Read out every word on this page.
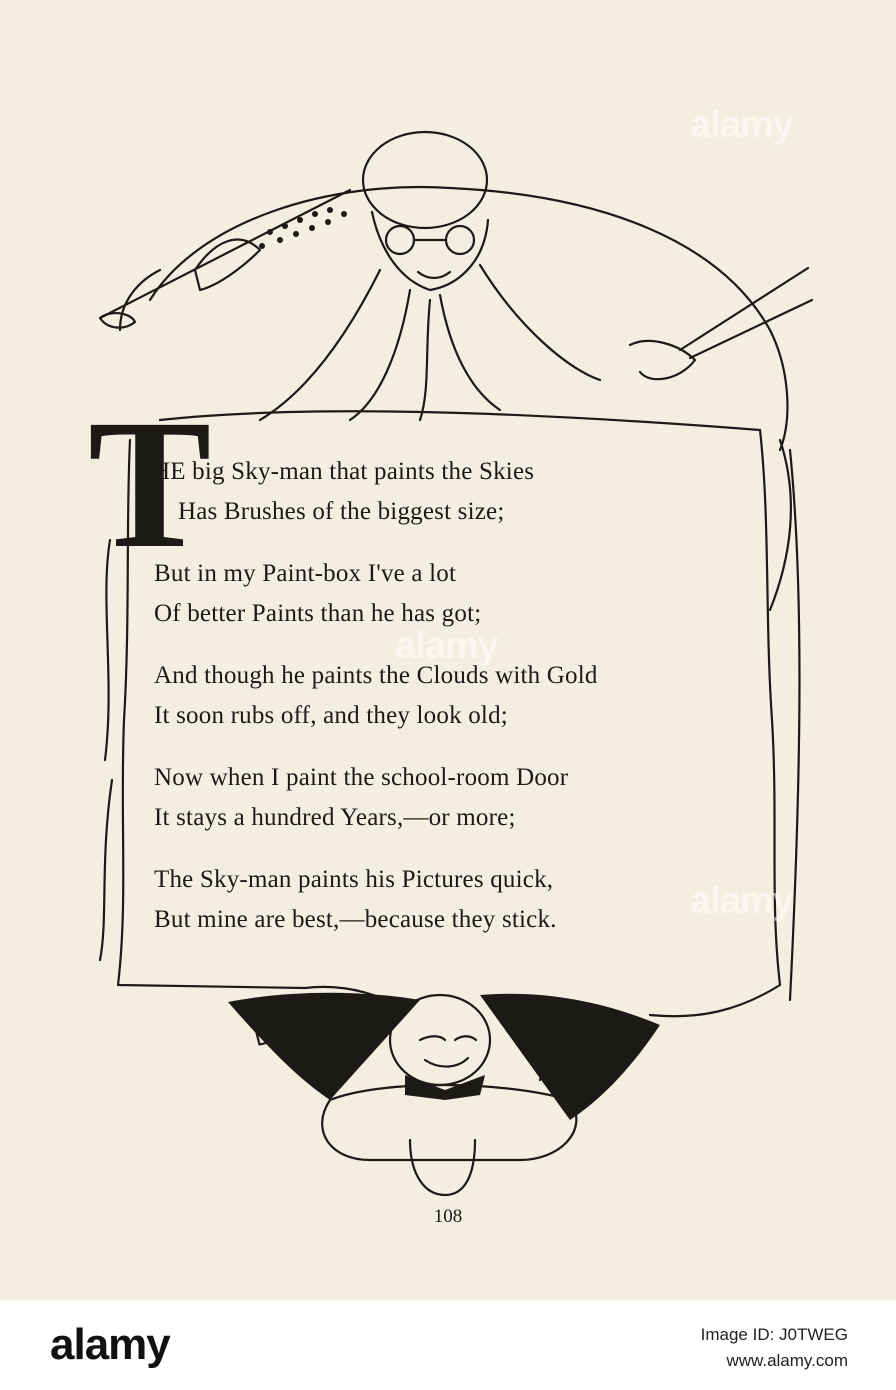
T
HE big Sky-man that paints the Skies
Has Brushes of the biggest size;
But in my Paint-box I've a lot
Of better Paints than he has got;
And though he paints the Clouds with Gold
It soon rubs off, and they look old;
Now when I paint the school-room Door
It stays a hundred Years,—or more;
The Sky-man paints his Pictures quick,
But mine are best,—because they stick.
108
alamy
alamy
alamy
alamy	Image ID: J0TWEG
www.alamy.com
